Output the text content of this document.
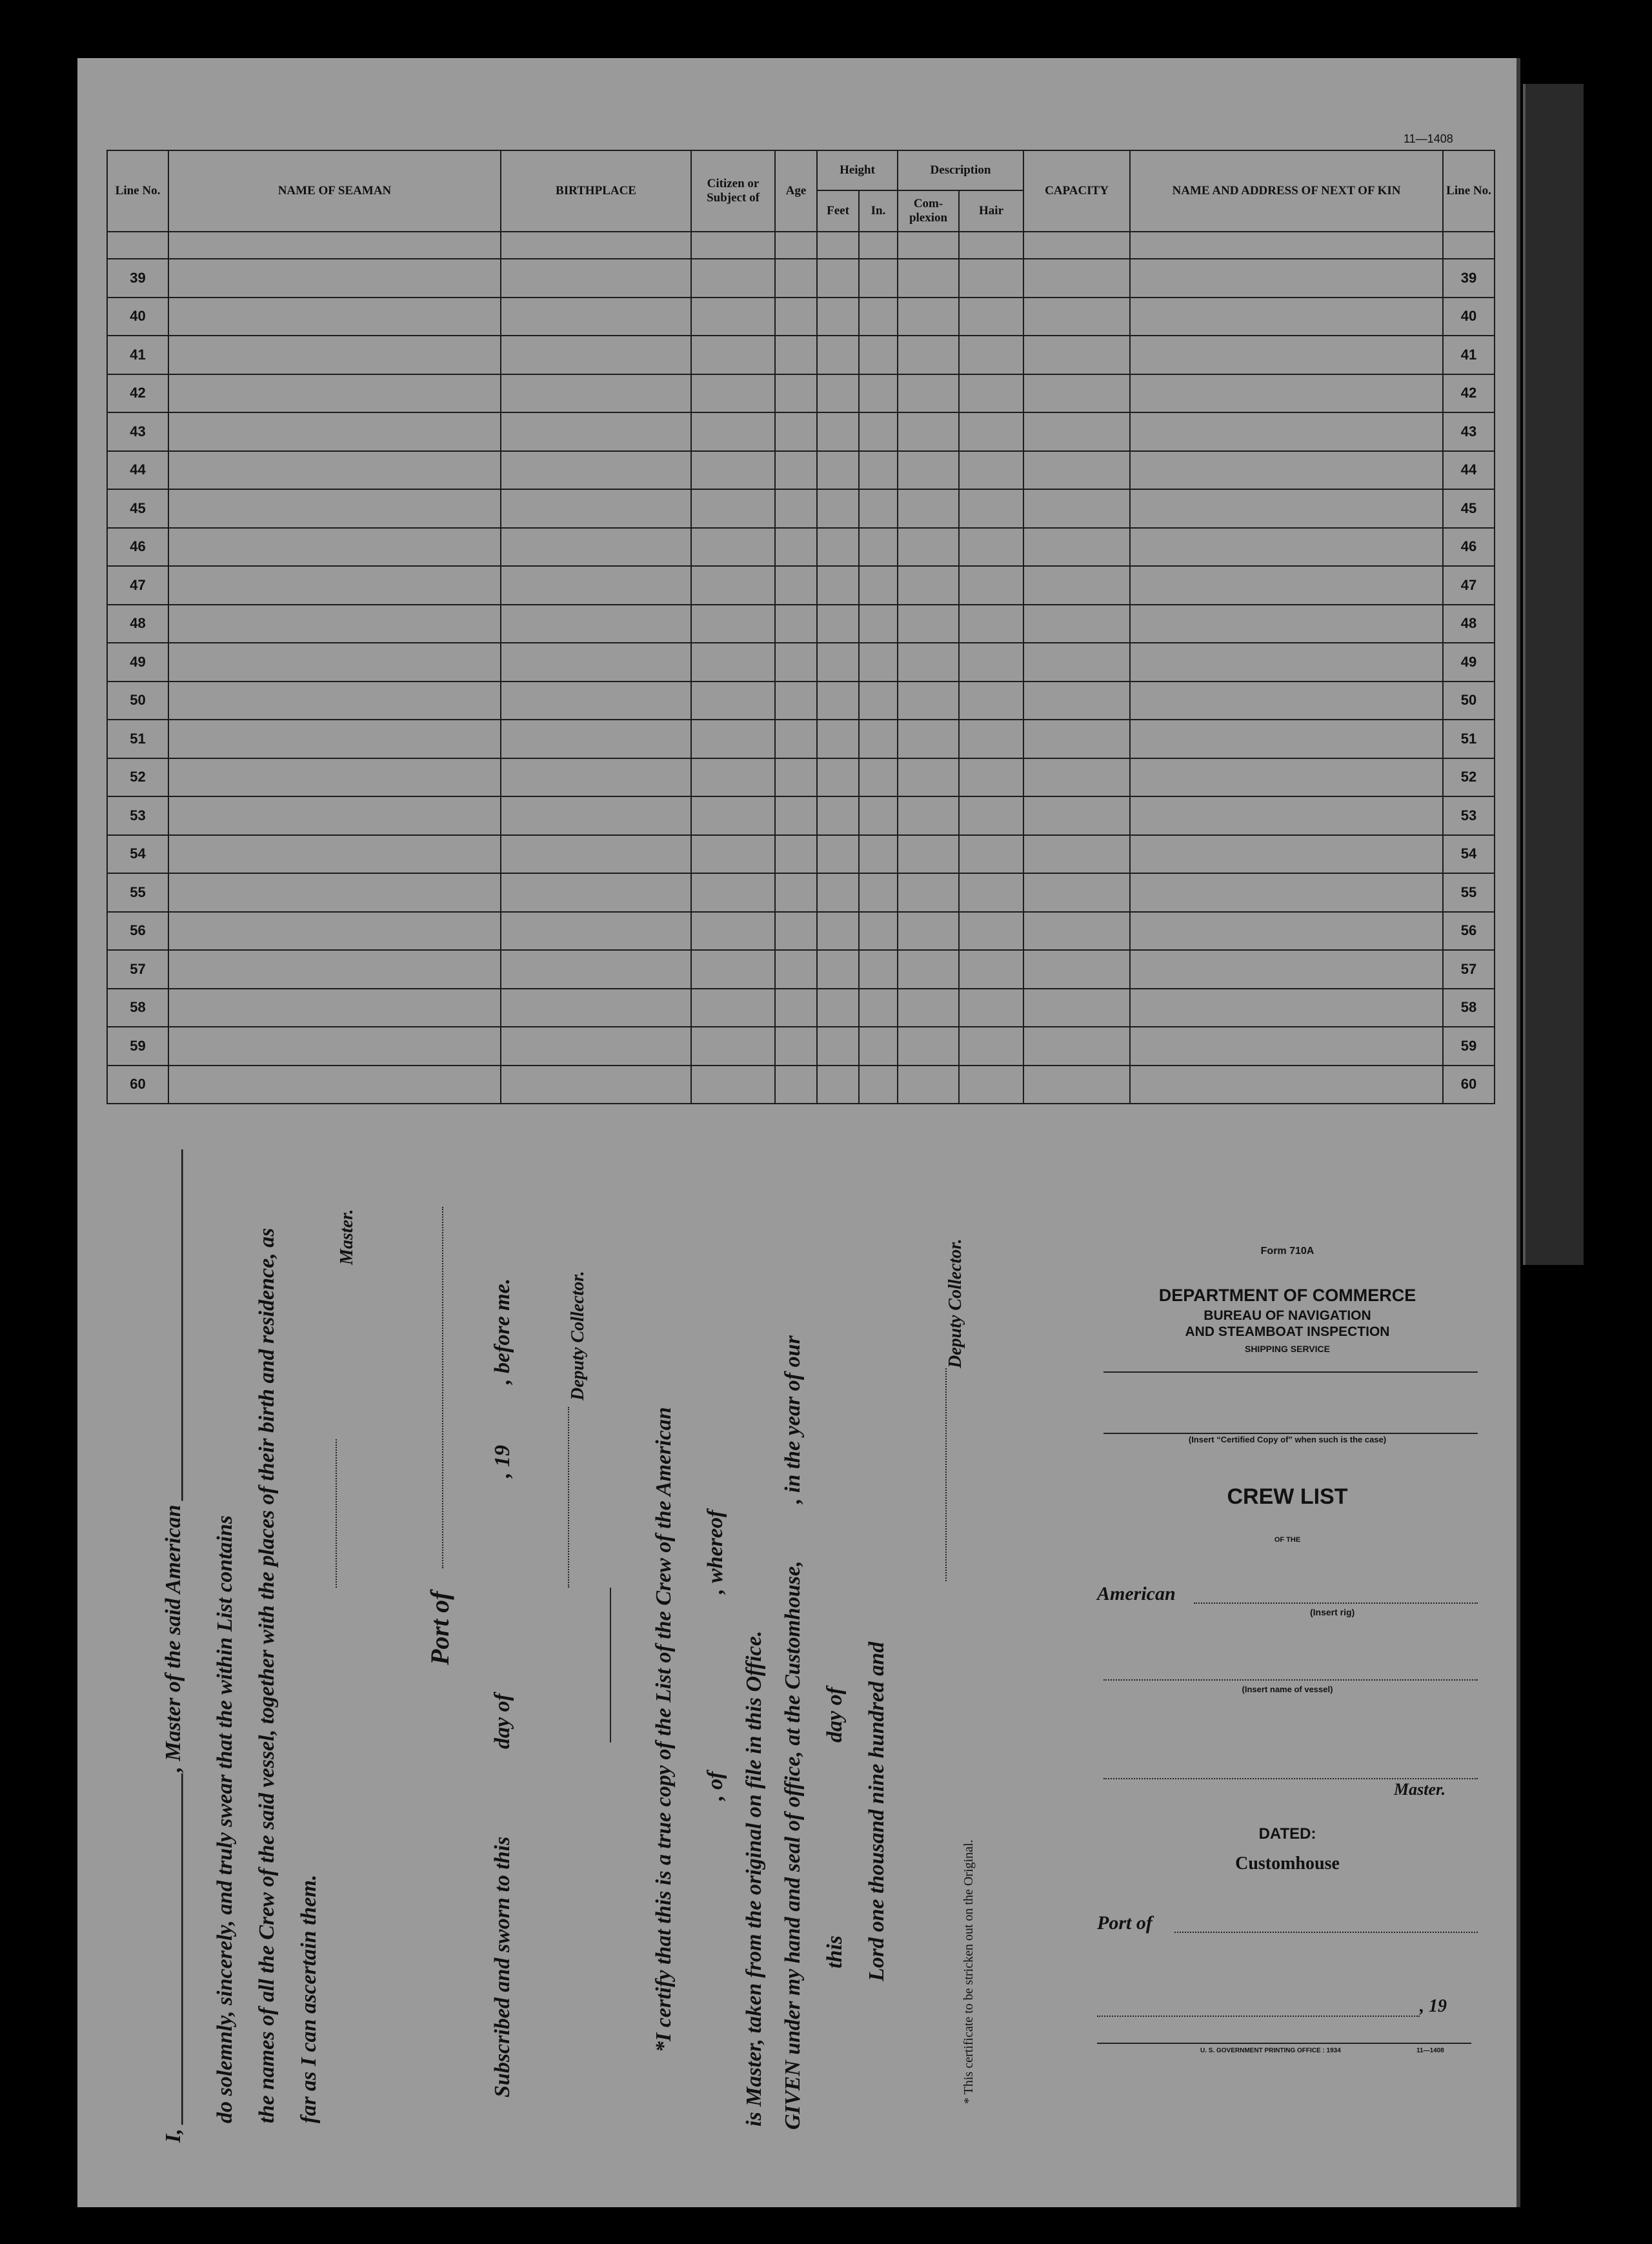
11—1408
Line No.	NAME OF SEAMAN	BIRTHPLACE	Citizen or Subject of	Age	Height		Description		CAPACITY	NAME AND ADDRESS OF NEXT OF KIN	Line No.
					Feet	In.	Com-plexion	Hair			

39											39
40											40
41											41
42											42
43											43
44											44
45											45
46											46
47											47
48											48
49											49
50											50
51											51
52											52
53											53
54											54
55											55
56											56
57											57
58											58
59											59
60											60
I, ________________________________, Master of the said American ________________________________ do solemnly, sincerely, and truly swear that the within List contains the names of all the Crew of the said vessel, together with the places of their birth and residence, as far as I can ascertain them.
Master.
Port of
Subscribed and sworn to this
day of
, 19
, before me.	Deputy Collector.
*I certify that this is a true copy of the List of the Crew of the American , of
, whereof
is Master, taken from the original on file in this Office. GIVEN under my hand and seal of office, at the Customhouse,
, in the year of our
this
day of Lord one thousand nine hundred and
Deputy Collector.
* This certificate to be stricken out on the Original.
Form 710A
DEPARTMENT OF COMMERCE
BUREAU OF NAVIGATION
AND STEAMBOAT INSPECTION
SHIPPING SERVICE
(Insert “Certified Copy of” when such is the case)
CREW LIST
OF THE
American
(Insert rig)
(Insert name of vessel)
Master.
DATED:
Customhouse
Port of
, 19
U. S. GOVERNMENT PRINTING OFFICE : 1934	11—1408
